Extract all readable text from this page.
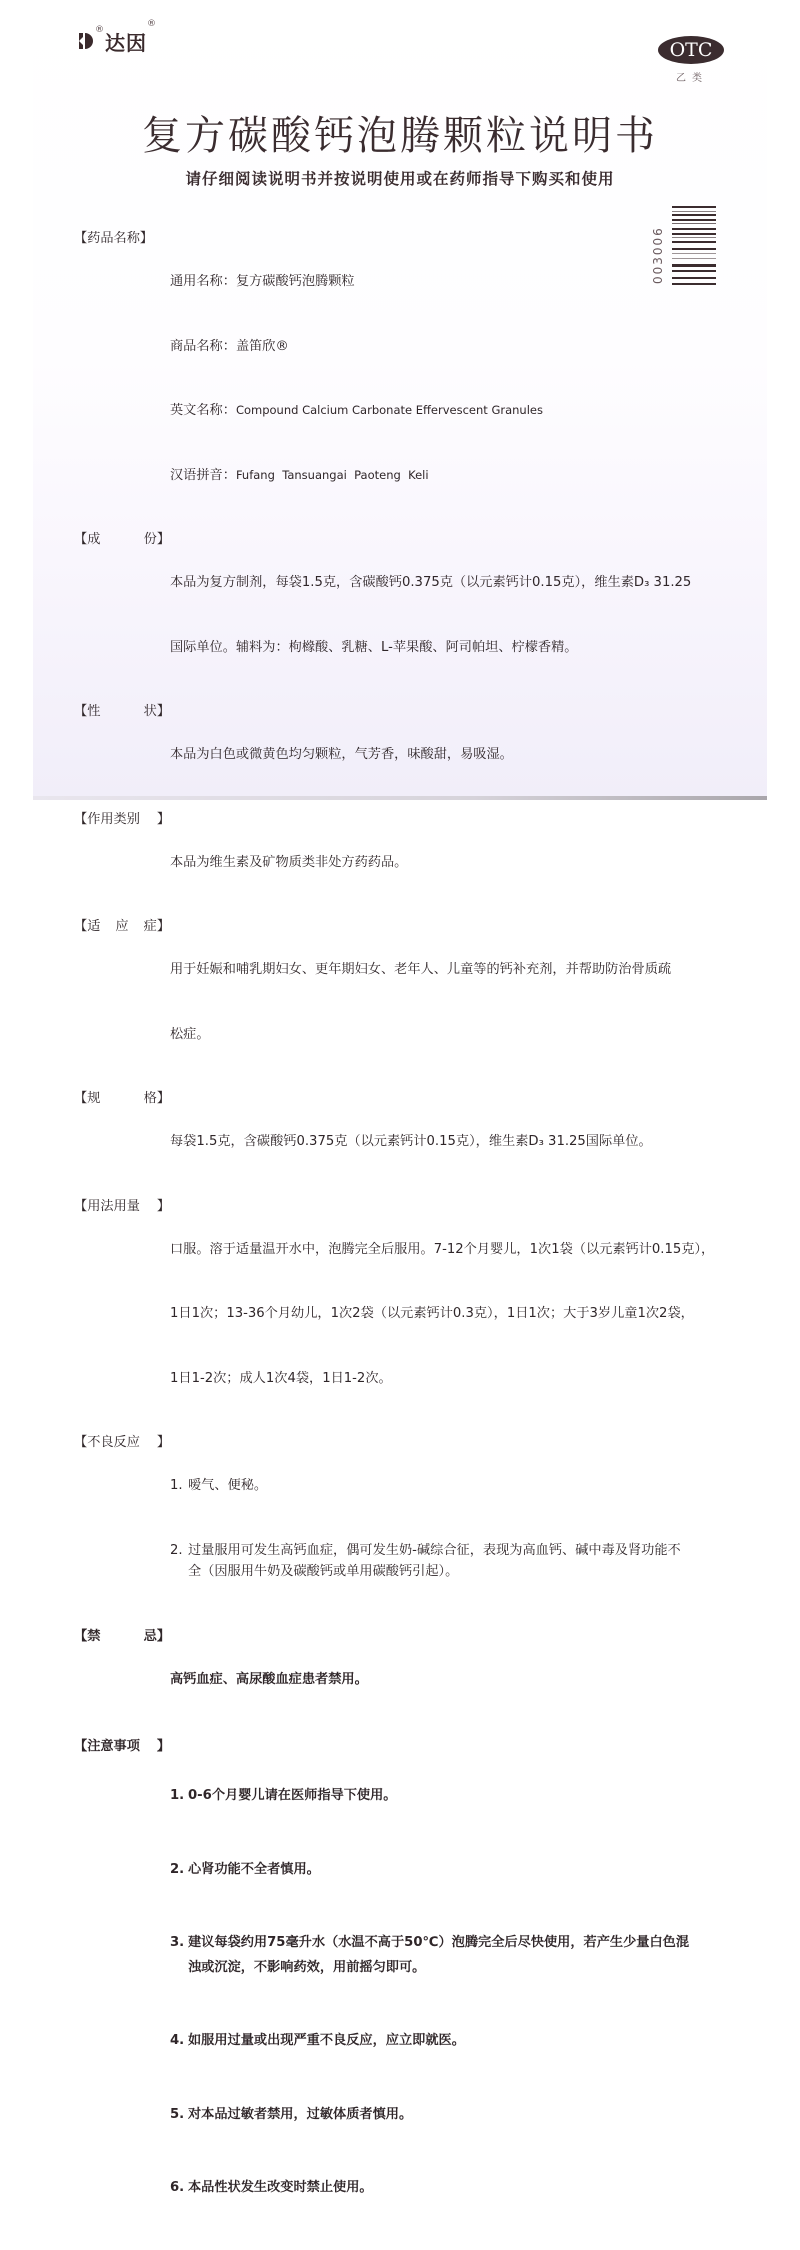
®
达因®
OTC
乙类
复方碳酸钙泡腾颗粒说明书
请仔细阅读说明书并按说明使用或在药师指导下购买和使用
003006
【药品名称】

通用名称： 复方碳酸钙泡腾颗粒

商品名称： 盖笛欣®

英文名称： Compound Calcium Carbonate Effervescent Granules

汉语拼音： Fufang  Tansuangai  Paoteng  Keli

【 成	份 】

本品为复方制剂，每袋1.5克，含碳酸钙0.375克（以元素钙计0.15克），维生素D₃ 31.25

国际单位。辅料为：枸橼酸、乳糖、L-苹果酸、阿司帕坦、柠檬香精。

【 性	状 】

本品为白色或微黄色均匀颗粒，气芳香，味酸甜，易吸湿。

【 作用类别 】

本品为维生素及矿物质类非处方药药品。

【 适 应 症 】

用于妊娠和哺乳期妇女、更年期妇女、老年人、儿童等的钙补充剂，并帮助防治骨质疏

松症。

【 规	格 】

每袋1.5克，含碳酸钙0.375克（以元素钙计0.15克），维生素D₃ 31.25国际单位。

【 用法用量 】

口服。溶于适量温开水中，泡腾完全后服用。7-12个月婴儿，1次1袋（以元素钙计0.15克），

1日1次；13-36个月幼儿，1次2袋（以元素钙计0.3克），1日1次；大于3岁儿童1次2袋，

1日1-2次；成人1次4袋，1日1-2次。

【 不良反应 】

1. 嗳气、便秘。

2. 过量服用可发生高钙血症，偶可发生奶-碱综合征，表现为高血钙、碱中毒及肾功能不
全（因服用牛奶及碳酸钙或单用碳酸钙引起）。

【 禁	忌 】

高钙血症、高尿酸血症患者禁用。

【 注意事项 】

1. 0-6个月婴儿请在医师指导下使用。

2. 心肾功能不全者慎用。

3. 建议每袋约用75毫升水（水温不高于50℃）泡腾完全后尽快使用，若产生少量白色混
浊或沉淀，不影响药效，用前摇匀即可。

4. 如服用过量或出现严重不良反应，应立即就医。

5. 对本品过敏者禁用，过敏体质者慎用。

6. 本品性状发生改变时禁止使用。
